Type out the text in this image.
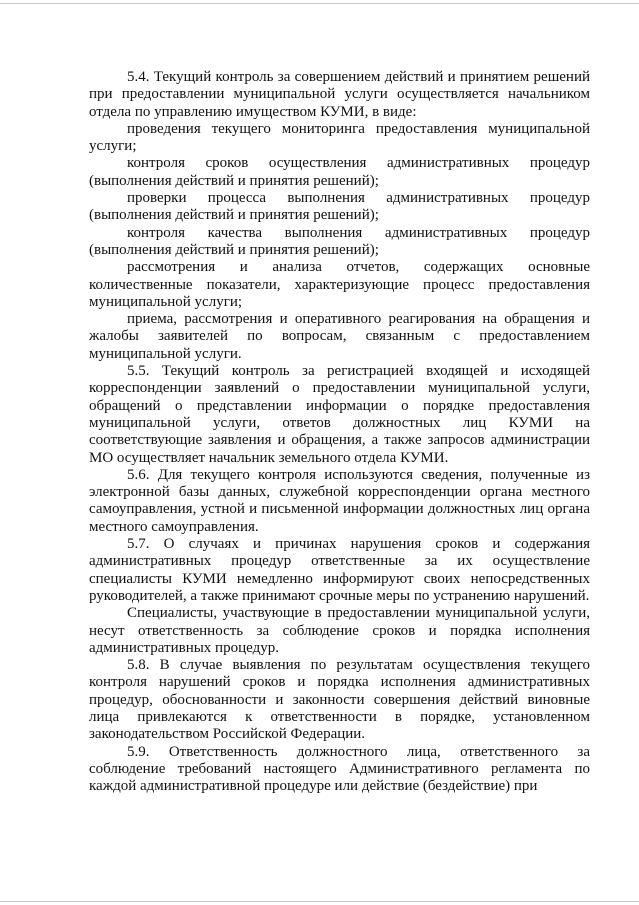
5.4. Текущий контроль за совершением действий и принятием решений при предоставлении муниципальной услуги осуществляется начальником отдела по управлению имуществом КУМИ, в виде:

проведения текущего мониторинга предоставления муниципальной услуги;

контроля сроков осуществления административных процедур (выполнения действий и принятия решений);

проверки процесса выполнения административных процедур (выполнения действий и принятия решений);

контроля качества выполнения административных процедур (выполнения действий и принятия решений);

рассмотрения и анализа отчетов, содержащих основные количественные показатели, характеризующие процесс предоставления муниципальной услуги;

приема, рассмотрения и оперативного реагирования на обращения и жалобы заявителей по вопросам, связанным с предоставлением муниципальной услуги.

5.5. Текущий контроль за регистрацией входящей и исходящей корреспонденции заявлений о предоставлении муниципальной услуги, обращений о представлении информации о порядке предоставления муниципальной услуги, ответов должностных лиц КУМИ на соответствующие заявления и обращения, а также запросов администрации МО осуществляет начальник земельного отдела КУМИ.

5.6. Для текущего контроля используются сведения, полученные из электронной базы данных, служебной корреспонденции органа местного самоуправления, устной и письменной информации должностных лиц органа местного самоуправления.

5.7. О случаях и причинах нарушения сроков и содержания административных процедур ответственные за их осуществление специалисты КУМИ немедленно информируют своих непосредственных руководителей, а также принимают срочные меры по устранению нарушений.

Специалисты, участвующие в предоставлении муниципальной услуги, несут ответственность за соблюдение сроков и порядка исполнения административных процедур.

5.8. В случае выявления по результатам осуществления текущего контроля нарушений сроков и порядка исполнения административных процедур, обоснованности и законности совершения действий виновные лица привлекаются к ответственности в порядке, установленном законодательством Российской Федерации.

5.9. Ответственность должностного лица, ответственного за соблюдение требований настоящего Административного регламента по каждой административной процедуре или действие (бездействие) при
